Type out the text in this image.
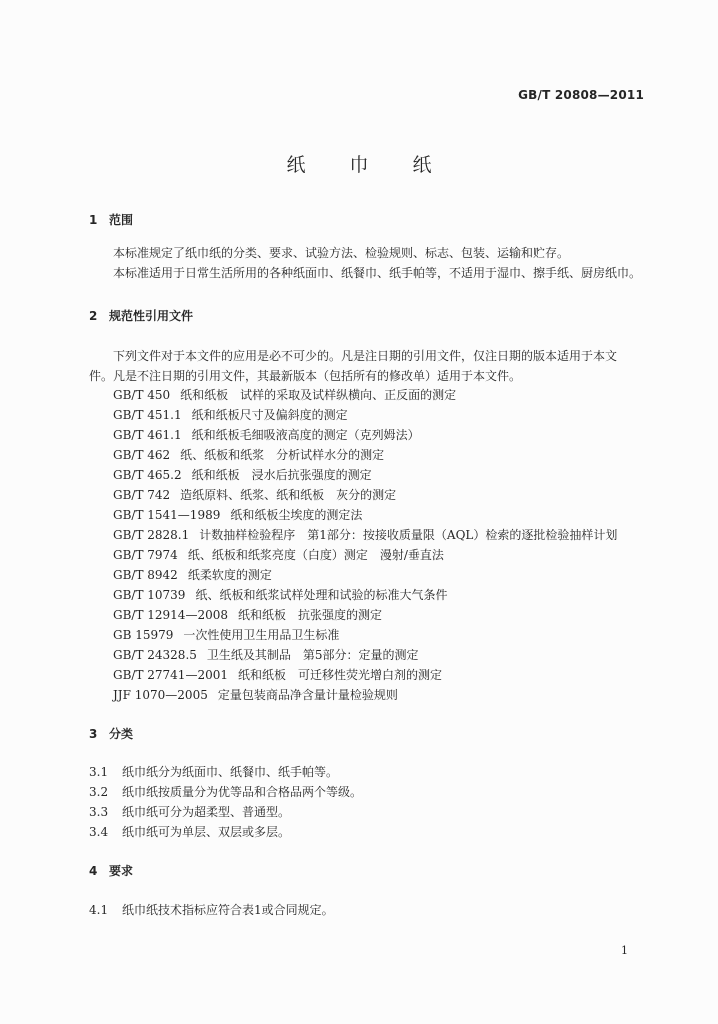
GB/T 20808—2011
纸巾纸
1 范围
本标准规定了纸巾纸的分类、要求、试验方法、检验规则、标志、包装、运输和贮存。
本标准适用于日常生活所用的各种纸面巾、纸餐巾、纸手帕等，不适用于湿巾、擦手纸、厨房纸巾。
2 规范性引用文件
下列文件对于本文件的应用是必不可少的。凡是注日期的引用文件，仅注日期的版本适用于本文
件。凡是不注日期的引用文件，其最新版本（包括所有的修改单）适用于本文件。
GB/T 450 纸和纸板　试样的采取及试样纵横向、正反面的测定
GB/T 451.1 纸和纸板尺寸及偏斜度的测定
GB/T 461.1 纸和纸板毛细吸液高度的测定（克列姆法）
GB/T 462 纸、纸板和纸浆　分析试样水分的测定
GB/T 465.2 纸和纸板　浸水后抗张强度的测定
GB/T 742 造纸原料、纸浆、纸和纸板　灰分的测定
GB/T 1541—1989 纸和纸板尘埃度的测定法
GB/T 2828.1 计数抽样检验程序　第1部分：按接收质量限（AQL）检索的逐批检验抽样计划
GB/T 7974 纸、纸板和纸浆亮度（白度）测定　漫射/垂直法
GB/T 8942 纸柔软度的测定
GB/T 10739 纸、纸板和纸浆试样处理和试验的标准大气条件
GB/T 12914—2008 纸和纸板　抗张强度的测定
GB 15979 一次性使用卫生用品卫生标准
GB/T 24328.5 卫生纸及其制品　第5部分：定量的测定
GB/T 27741—2001 纸和纸板　可迁移性荧光增白剂的测定
JJF 1070—2005 定量包装商品净含量计量检验规则
3 分类
3.1 纸巾纸分为纸面巾、纸餐巾、纸手帕等。
3.2 纸巾纸按质量分为优等品和合格品两个等级。
3.3 纸巾纸可分为超柔型、普通型。
3.4 纸巾纸可为单层、双层或多层。
4 要求
4.1 纸巾纸技术指标应符合表1或合同规定。
1
